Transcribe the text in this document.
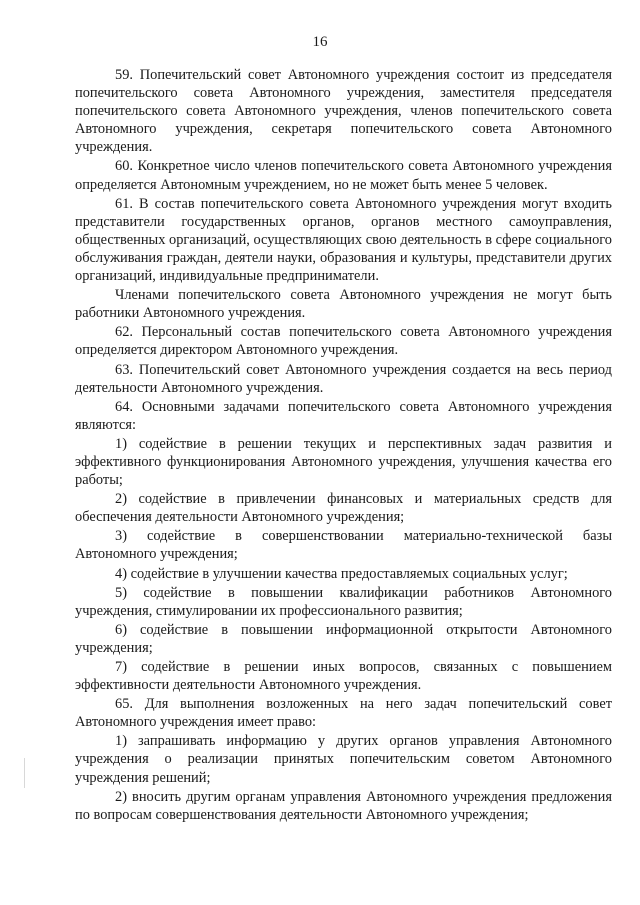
16

59. Попечительский совет Автономного учреждения состоит из председателя попечительского совета Автономного учреждения, заместителя председателя попечительского совета Автономного учреждения, членов попечительского совета Автономного учреждения, секретаря попечительского совета Автономного учреждения.

60. Конкретное число членов попечительского совета Автономного учреждения определяется Автономным учреждением, но не может быть менее 5 человек.

61. В состав попечительского совета Автономного учреждения могут входить представители государственных органов, органов местного самоуправления, общественных организаций, осуществляющих свою деятельность в сфере социального обслуживания граждан, деятели науки, образования и культуры, представители других организаций, индивидуальные предприниматели.

Членами попечительского совета Автономного учреждения не могут быть работники Автономного учреждения.

62. Персональный состав попечительского совета Автономного учреждения определяется директором Автономного учреждения.

63. Попечительский совет Автономного учреждения создается на весь период деятельности Автономного учреждения.

64. Основными задачами попечительского совета Автономного учреждения являются:

1) содействие в решении текущих и перспективных задач развития и эффективного функционирования Автономного учреждения, улучшения качества его работы;

2) содействие в привлечении финансовых и материальных средств для обеспечения деятельности Автономного учреждения;

3) содействие в совершенствовании материально-технической базы Автономного учреждения;

4) содействие в улучшении качества предоставляемых социальных услуг;

5) содействие в повышении квалификации работников Автономного учреждения, стимулировании их профессионального развития;

6) содействие в повышении информационной открытости Автономного учреждения;

7) содействие в решении иных вопросов, связанных с повышением эффективности деятельности Автономного учреждения.

65. Для выполнения возложенных на него задач попечительский совет Автономного учреждения имеет право:

1) запрашивать информацию у других органов управления Автономного учреждения о реализации принятых попечительским советом Автономного учреждения решений;

2) вносить другим органам управления Автономного учреждения предложения по вопросам совершенствования деятельности Автономного учреждения;
